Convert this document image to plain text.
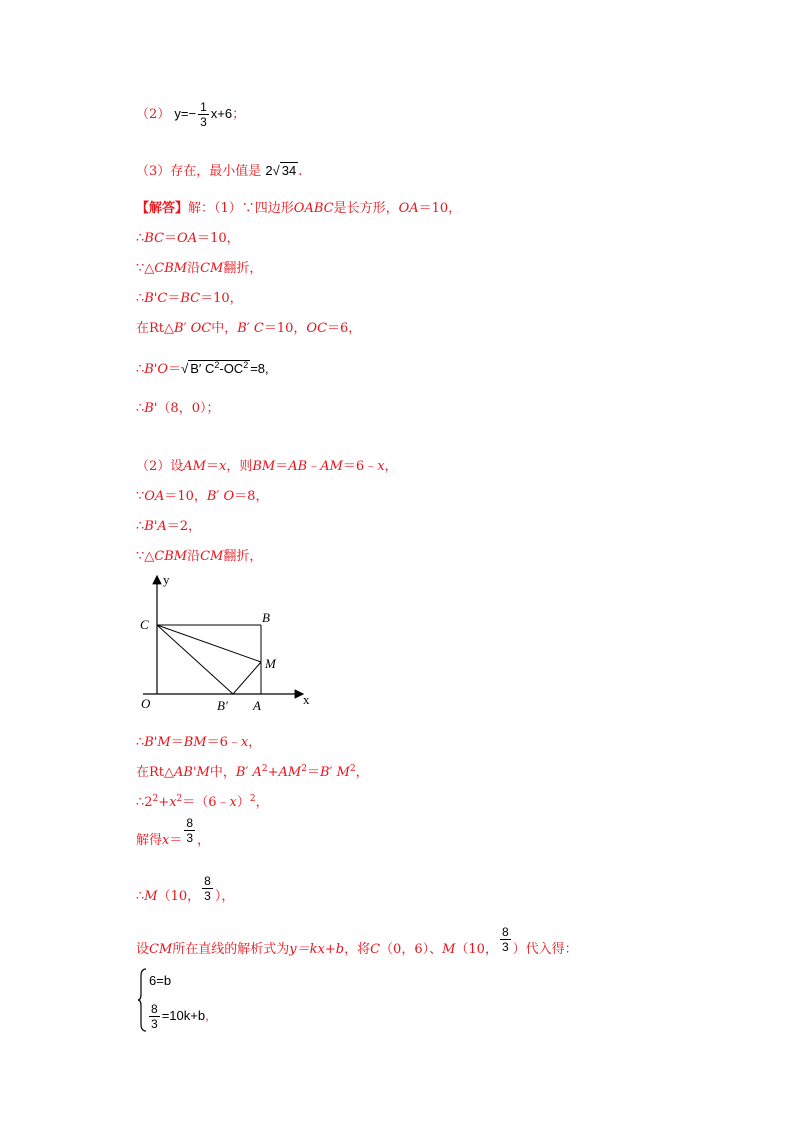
（2） $y=- \frac{1}{3} x+6$；
（3）存在，最小值是 2√ 34 .
【解答】解：（1）∵四边形OABC是长方形，OA＝10，
∴BC＝OA＝10，
∵△CBM沿CM翻折，
∴B'C＝BC＝10，
在Rt△B′ OC中，B′ C＝10，OC＝6，
∴B'O＝√ B′ $C^2-OC^2 =8$,
∴B'（8，0）；
（2）设AM＝x，则BM＝AB﹣AM＝6﹣x，
∵OA＝10，B′ O＝8，
∴B'A＝2，
∵△CBM沿CM翻折，
y
x
C	B
M
O	B′ A
∴B'M＝BM＝6﹣x，
在Rt△AB'M中，B′ $A^2+AM^2=B'$ $M^2$，
$\therefore 2^2+x^2=(6﹣x)^2$，
解得$x= \frac{8}{3}$ ，
∴M（10， $\frac{8}{3}$ ），
设CM所在直线的解析式为y＝kx+b，将C（0，6）、M（10， $\frac{8}{3}$ ）代入得：
6=b
$\frac{8}{3} =10k+b$,
